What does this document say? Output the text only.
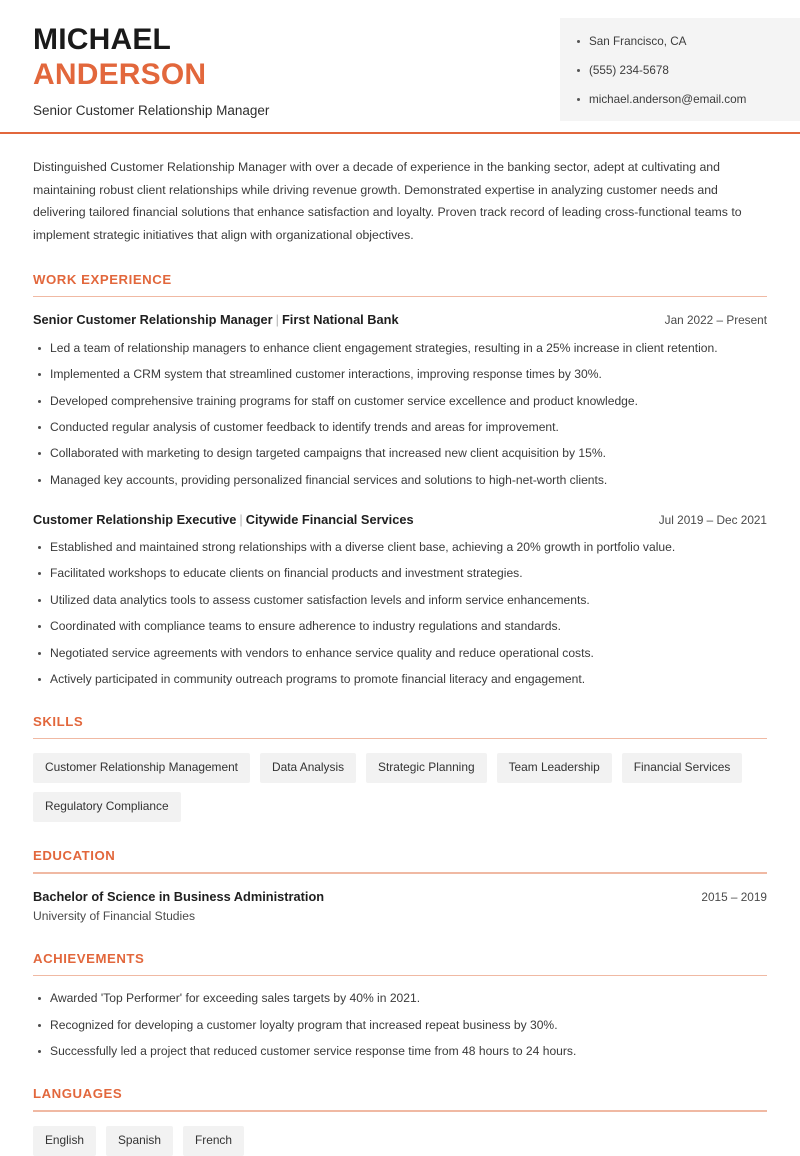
MICHAEL
ANDERSON
Senior Customer Relationship Manager
San Francisco, CA
(555) 234-5678
michael.anderson@email.com

Distinguished Customer Relationship Manager with over a decade of experience in the banking sector, adept at cultivating and maintaining robust client relationships while driving revenue growth. Demonstrated expertise in analyzing customer needs and delivering tailored financial solutions that enhance satisfaction and loyalty. Proven track record of leading cross-functional teams to implement strategic initiatives that align with organizational objectives.

WORK EXPERIENCE
Senior Customer Relationship Manager | First National Bank	Jan 2022 – Present
Led a team of relationship managers to enhance client engagement strategies, resulting in a 25% increase in client retention.
Implemented a CRM system that streamlined customer interactions, improving response times by 30%.
Developed comprehensive training programs for staff on customer service excellence and product knowledge.
Conducted regular analysis of customer feedback to identify trends and areas for improvement.
Collaborated with marketing to design targeted campaigns that increased new client acquisition by 15%.
Managed key accounts, providing personalized financial services and solutions to high-net-worth clients.
Customer Relationship Executive | Citywide Financial Services	Jul 2019 – Dec 2021
Established and maintained strong relationships with a diverse client base, achieving a 20% growth in portfolio value.
Facilitated workshops to educate clients on financial products and investment strategies.
Utilized data analytics tools to assess customer satisfaction levels and inform service enhancements.
Coordinated with compliance teams to ensure adherence to industry regulations and standards.
Negotiated service agreements with vendors to enhance service quality and reduce operational costs.
Actively participated in community outreach programs to promote financial literacy and engagement.
SKILLS
Customer Relationship Management	Data Analysis	Strategic Planning	Team Leadership	Financial Services
Regulatory Compliance
EDUCATION
Bachelor of Science in Business Administration	2015 – 2019
University of Financial Studies
ACHIEVEMENTS
Awarded 'Top Performer' for exceeding sales targets by 40% in 2021.
Recognized for developing a customer loyalty program that increased repeat business by 30%.
Successfully led a project that reduced customer service response time from 48 hours to 24 hours.
LANGUAGES
English	Spanish	French
